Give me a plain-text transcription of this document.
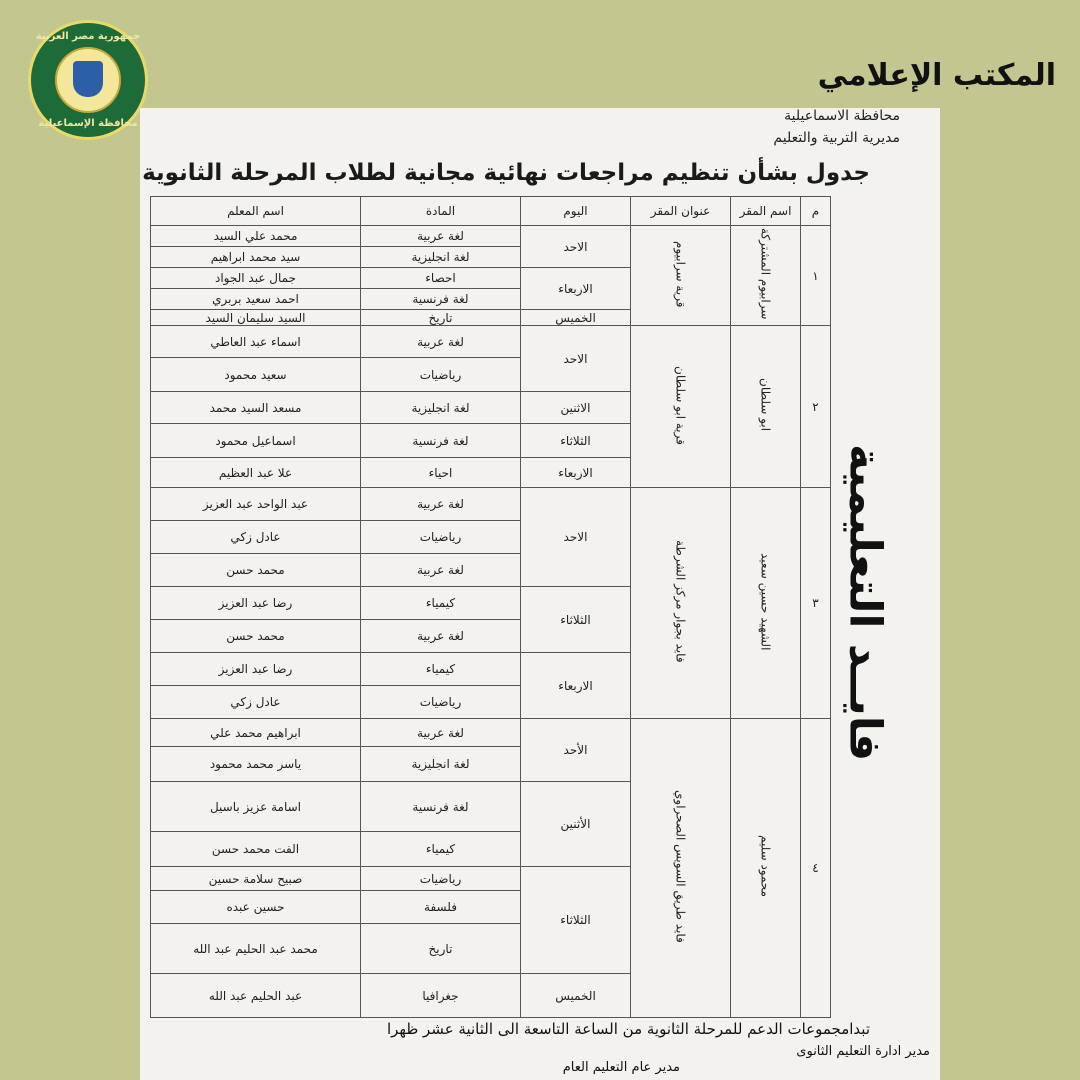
جمهورية مصر العربية
محافظة الإسماعيلية
المكتب الإعلامي
محافظة الاسماعيلية
مديرية التربية والتعليم
جدول بشأن تنظيم مراجعات نهائية مجانية لطلاب المرحلة الثانوية
م	اسم المقر	عنوان المقر	اليوم	المادة	اسم المعلم
١	سرابيوم المشتركة	قرية سرابيوم	الاحد	لغة عربية	محمد علي السيد
				لغة انجليزية	سيد محمد ابراهيم
			الاربعاء	احصاء	جمال عبد الجواد
				لغة فرنسية	احمد سعيد بربري
			الخميس	تاريخ	السيد سليمان السيد
٢	ابو سلطان	قرية ابو سلطان	الاحد	لغة عربية	اسماء عبد العاطي
				رياضيات	سعيد محمود
			الاثنين	لغة انجليزية	مسعد السيد محمد
			الثلاثاء	لغة فرنسية	اسماعيل محمود
			الاربعاء	احياء	علا عبد العظيم
٣	الشهيد حسين سعيد	فايد بجوار مركز الشرطة	الاحد	لغة عربية	عبد الواحد عبد العزيز
				رياضيات	عادل زكي
				لغة عربية	محمد حسن
			الثلاثاء	كيمياء	رضا عبد العزيز
				لغة عربية	محمد حسن
			الاربعاء	كيمياء	رضا عبد العزيز
				رياضيات	عادل زكي
٤	محمود سليم	فايد طريق السويس الصحراوي	الأحد	لغة عربية	ابراهيم محمد علي
				لغة انجليزية	ياسر محمد محمود
			الأثنين	لغة فرنسية	اسامة عزيز باسيل
				كيمياء	الفت محمد حسن
			الثلاثاء	رياضيات	صبيح سلامة حسين
				فلسفة	حسين عبده
				تاريخ	محمد عبد الحليم عبد الله
			الخميس	جغرافيا	عبد الحليم عبد الله
فايــد التعليمية
تبدامجموعات الدعم للمرحلة الثانوية من الساعة التاسعة الى الثانية عشر ظهرا
مدير ادارة التعليم الثانوى
مدير عام التعليم العام
